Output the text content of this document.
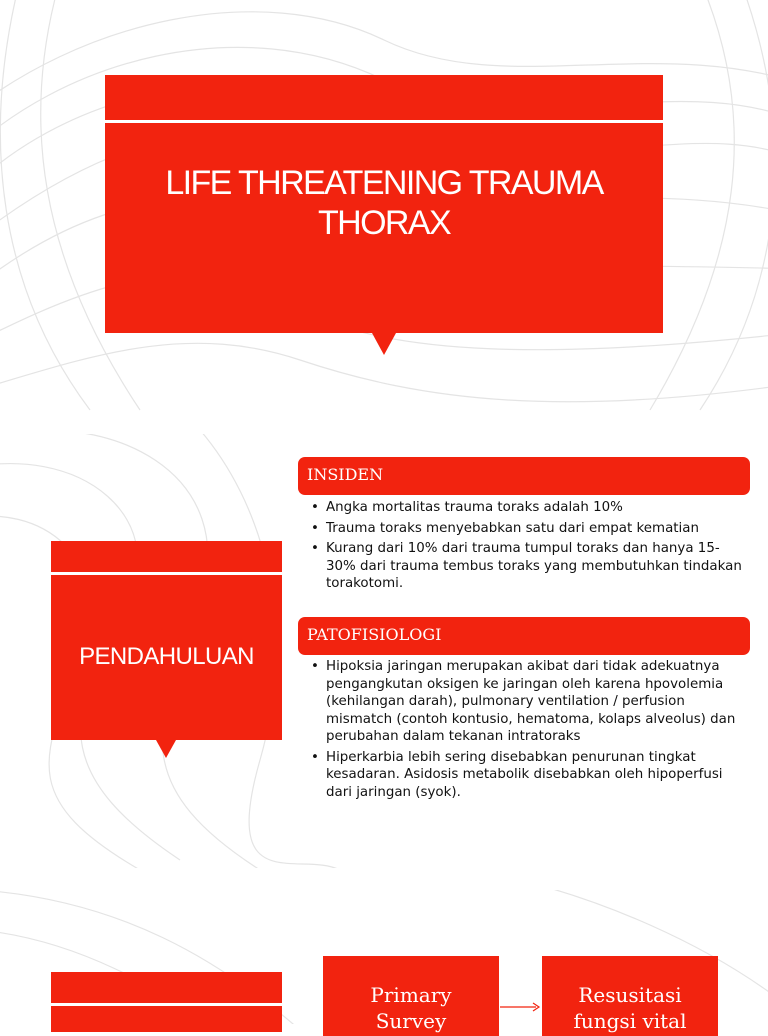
LIFE THREATENING TRAUMA
THORAX
PENDAHULUAN
INSIDEN
• Angka mortalitas trauma toraks adalah 10%
• Trauma toraks menyebabkan satu dari empat kematian
• Kurang dari 10% dari trauma tumpul toraks dan hanya 15-30% dari trauma tembus toraks yang membutuhkan tindakan torakotomi.
PATOFISIOLOGI
• Hipoksia jaringan merupakan akibat dari tidak adekuatnya pengangkutan oksigen ke jaringan oleh karena hpovolemia (kehilangan darah), pulmonary ventilation / perfusion mismatch (contoh kontusio, hematoma, kolaps alveolus) dan perubahan dalam tekanan intratoraks
• Hiperkarbia lebih sering disebabkan penurunan tingkat kesadaran. Asidosis metabolik disebabkan oleh hipoperfusi dari jaringan (syok).
Primary
Survey
Resusitasi
fungsi vital
